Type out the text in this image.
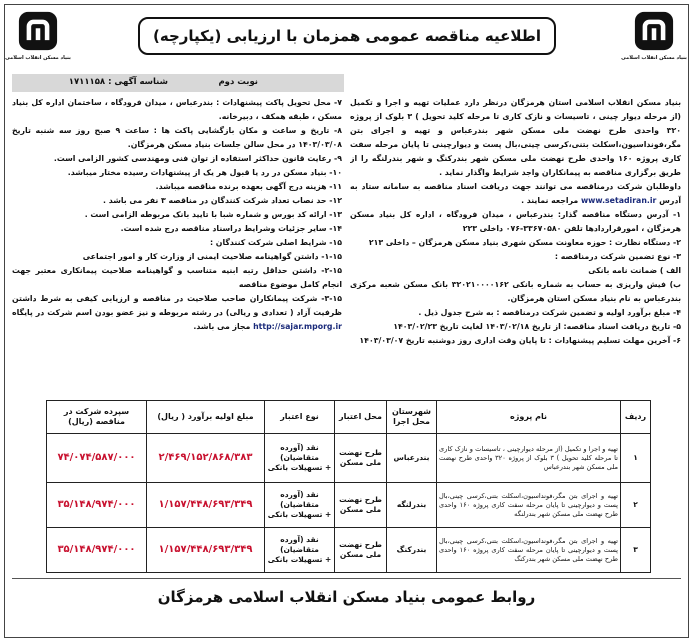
بنیاد مسکن انقلاب اسلامی	بنیاد مسکن انقلاب اسلامی
اطلاعیه مناقصه عمومی همزمان با ارزیابی (یکپارچه)
نوبت دوم
شناسه آگهی : ۱۷۱۱۱۵۸

بنیاد مسکن انقلاب اسلامی استان هرمزگان درنظر دارد عملیات تهیه و اجرا و تکمیل (از مرحله دیوار چینی ، تاسیسات و نازک کاری تا مرحله کلید تحویل ) ۳ بلوک از پروژه ۳۲۰ واحدی طرح نهضت ملی مسکن شهر بندرعباس و تهیه و اجرای بتن مگر،فونداسیون،اسکلت بتنی،کرسی چینی،بال پست و دیوارچینی تا پایان مرحله سفت کاری پروژه ۱۶۰ واحدی طرح نهضت ملی مسکن شهر بندرکنگ و شهر بندرلنگه را از طریق برگزاری مناقصه به پیمانکاران واجد شرایط واگذار نماید .

داوطلبان شرکت درمناقصه می توانند جهت دریافت اسناد مناقصه به سامانه ستاد به آدرس www.setadiran.ir مراجعه نمایند .

۱- آدرس دستگاه مناقصه گذار: بندرعباس ، میدان فرودگاه ، اداره کل بنیاد مسکن هرمزگان ، امورقراردادها تلفن ۳۳۶۷۰۵۸۰-۰۷۶ داخلی ۲۲۳

۲- دستگاه نظارت : حوزه معاونت مسکن شهری بنیاد مسکن هرمزگان – داخلی ۲۱۳

۳- نوع تضمین شرکت درمناقصه :

الف ) ضمانت نامه بانکی

ب) فیش واریزی به حساب به شماره بانکی ۳۲۰۲۱۰۰۰۰۱۶۲ بانک مسکن شعبه مرکزی بندرعباس به نام بنیاد مسکن استان هرمزگان.

۴- مبلغ برآورد اولیه و تضمین شرکت درمناقصه : به شرح جدول ذیل .

۵- تاریخ دریافت اسناد مناقصه: از تاریخ ۱۴۰۳/۰۲/۱۸ لغایت تاریخ ۱۴۰۳/۰۲/۲۳

۶- آخرین مهلت تسلیم پیشنهادات : تا پایان وقت اداری روز دوشنبه تاریخ ۱۴۰۳/۰۳/۰۷

۷- محل تحویل پاکت پیشنهادات : بندرعباس ، میدان فرودگاه ، ساختمان اداره کل بنیاد مسکن ، طبقه همکف ، دبیرخانه.

۸- تاریخ و ساعت و مکان بازگشایی پاکت ها : ساعت ۹ صبح روز سه شنبه تاریخ ۱۴۰۳/۰۳/۰۸ در محل سالن جلسات بنیاد مسکن هرمزگان.

۹- رعایت قانون حداکثر استفاده از توان فنی ومهندسی کشور الزامی است.

۱۰- بنیاد مسکن در رد یا قبول هر یک از پیشنهادات رسیده مختار میباشد.

۱۱- هزینه درج آگهی بعهده برنده مناقصه میباشد.

۱۲- حد نصاب تعداد شرکت کنندگان در مناقصه ۳ نفر می باشد .

۱۳- ارائه کد بورس و شماره شبا با تایید بانک مربوطه الزامی است .

۱۴- سایر جزئیات وشرایط دراسناد مناقصه درج شده است.

۱۵- شرایط اصلی شرکت کنندگان :

۱-۱۵- داشتن گواهینامه صلاحیت ایمنی از وزارت کار و امور اجتماعی

۲-۱۵- داشتن حداقل رتبه ابنیه متناسب و گواهینامه صلاحیت پیمانکاری معتبر جهت انجام کامل موضوع مناقصه

۳-۱۵- شرکت پیمانکاران صاحب صلاحیت در مناقصه و ارزیابی کیفی به شرط داشتن ظرفیت آزاد ( تعدادی و ریالی) در رشته مربوطه و نیز عضو بودن اسم شرکت در پایگاه http://sajar.mporg.ir مجاز می باشد.

ردیف	نام پروژه	شهرستان محل اجرا	محل اعتبار	نوع اعتبار	مبلغ اولیه برآورد ( ریال)	سپرده شرکت در مناقصه (ریال)
۱	تهیه و اجرا و تکمیل (از مرحله دیوارچینی ، تاسیسات و نازک کاری تا مرحله کلید تحویل ) ۳ بلوک از پروژه ۳۲۰ واحدی طرح نهضت ملی مسکن شهر بندرعباس	بندرعباس	طرح نهضت ملی مسکن	نقد (آورده متقاضیان)
+ تسهیلات بانکی	۲/۴۶۹/۱۵۲/۸۶۸/۳۸۳	۷۴/۰۷۴/۵۸۷/۰۰۰
۲	تهیه و اجرای بتن مگر،فونداسیون،اسکلت بتنی،کرسی چینی،بال پست و دیوارچینی تا پایان مرحله سفت کاری پروژه ۱۶۰ واحدی طرح نهضت ملی مسکن شهر بندرلنگه	بندرلنگه	طرح نهضت ملی مسکن	نقد (آورده متقاضیان)
+ تسهیلات بانکی	۱/۱۵۷/۴۴۸/۶۹۳/۳۴۹	۳۵/۱۴۸/۹۷۴/۰۰۰
۳	تهیه و اجرای بتن مگر،فونداسیون،اسکلت بتنی،کرسی چینی،بال پست و دیوارچینی تا پایان مرحله سفت کاری پروژه ۱۶۰ واحدی طرح نهضت ملی مسکن شهر بندرکنگ	بندرکنگ	طرح نهضت ملی مسکن	نقد (آورده متقاضیان)
+ تسهیلات بانکی	۱/۱۵۷/۴۴۸/۶۹۳/۳۴۹	۳۵/۱۴۸/۹۷۴/۰۰۰
روابط عمومی بنیاد مسکن انقلاب اسلامی هرمزگان
